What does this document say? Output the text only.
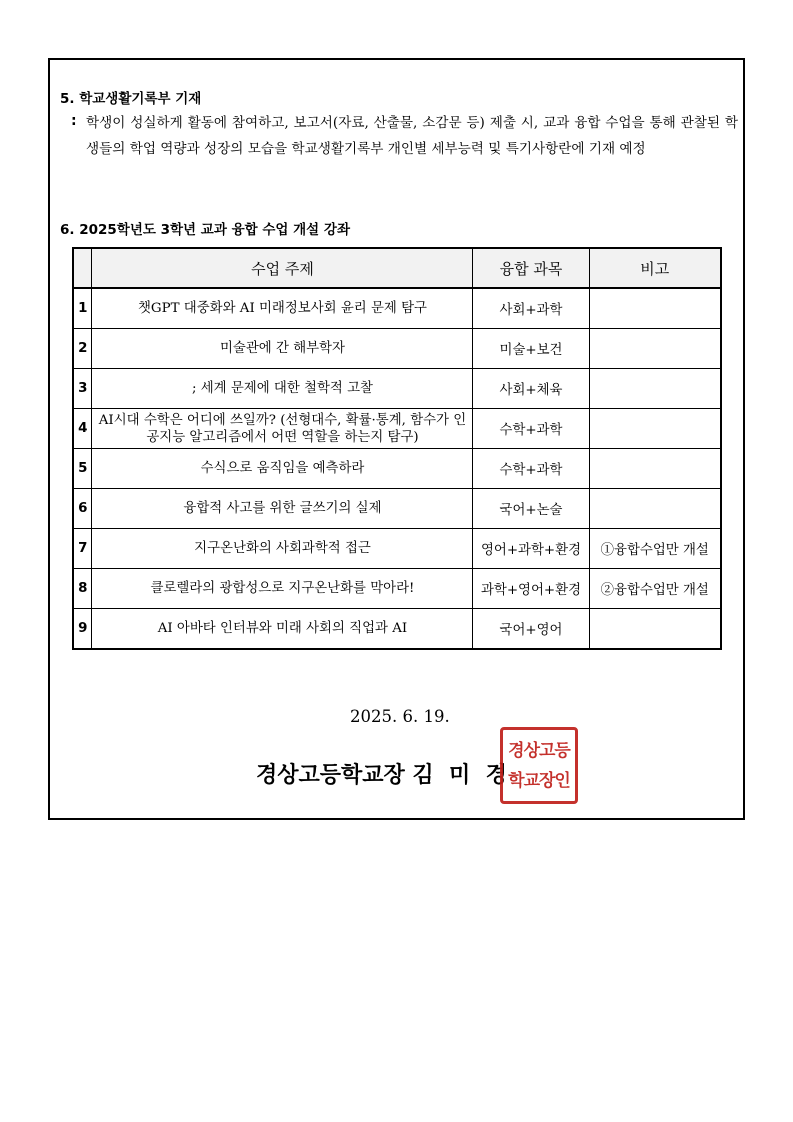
5. 학교생활기록부 기재
: 학생이 성실하게 활동에 참여하고, 보고서(자료, 산출물, 소감문 등) 제출 시, 교과 융합 수업을 통해 관찰된 학생들의 학업 역량과 성장의 모습을 학교생활기록부 개인별 세부능력 및 특기사항란에 기재 예정

6. 2025학년도 3학년 교과 융합 수업 개설 강좌
	수업 주제	융합 과목	비고
1	챗GPT 대중화와 AI 미래정보사회 윤리 문제 탐구	사회+과학	
2	미술관에 간 해부학자	미술+보건	
3	; 세계 문제에 대한 철학적 고찰	사회+체육	
4	AI시대 수학은 어디에 쓰일까? (선형대수, 확률·통계, 함수가 인공지능 알고리즘에서 어떤 역할을 하는지 탐구)	수학+과학	
5	수식으로 움직임을 예측하라	수학+과학	
6	융합적 사고를 위한 글쓰기의 실제	국어+논술	
7	지구온난화의 사회과학적 접근	영어+과학+환경	①융합수업만 개설
8	클로렐라의 광합성으로 지구온난화를 막아라!	과학+영어+환경	②융합수업만 개설
9	AI 아바타 인터뷰와 미래 사회의 직업과 AI	국어+영어	
2025. 6. 19.
경상고등학교장 김  미  경
경상고등
학교장인
